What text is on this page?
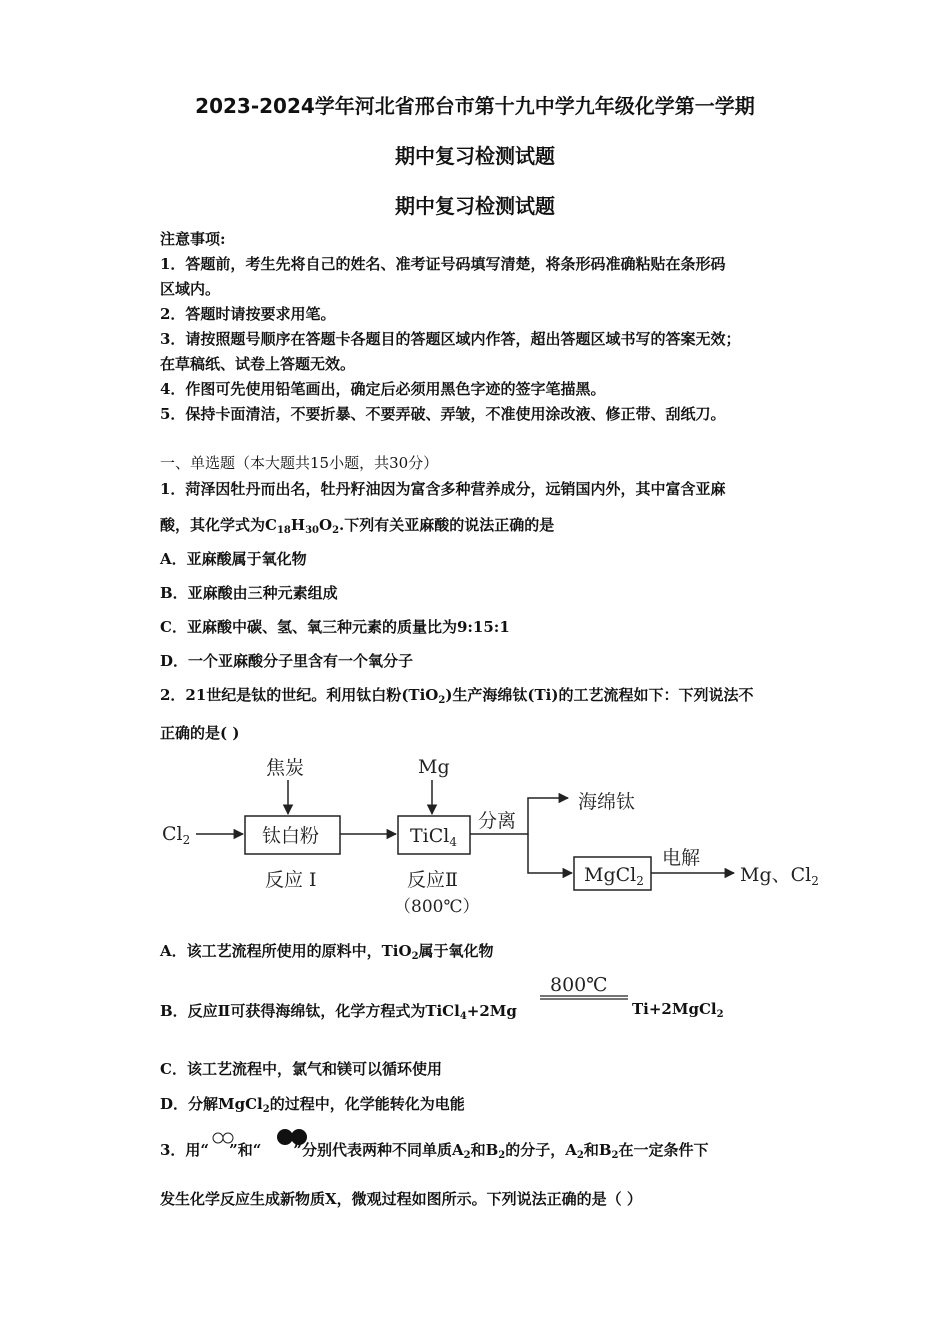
2023-2024学年河北省邢台市第十九中学九年级化学第一学期
期中复习检测试题
期中复习检测试题
注意事项:
1．答题前，考生先将自己的姓名、准考证号码填写清楚，将条形码准确粘贴在条形码
区域内。
2．答题时请按要求用笔。
3．请按照题号顺序在答题卡各题目的答题区域内作答，超出答题区域书写的答案无效；
在草稿纸、试卷上答题无效。
4．作图可先使用铅笔画出，确定后必须用黑色字迹的签字笔描黑。
5．保持卡面清洁，不要折暴、不要弄破、弄皱，不准使用涂改液、修正带、刮纸刀。
一、单选题（本大题共15小题，共30分）
1．菏泽因牡丹而出名，牡丹籽油因为富含多种营养成分，远销国内外，其中富含亚麻
酸，其化学式为$C_{18}H_{30}O_2$.下列有关亚麻酸的说法正确的是
A．亚麻酸属于氧化物
B．亚麻酸由三种元素组成
C．亚麻酸中碳、氢、氧三种元素的质量比为9:15:1
D．一个亚麻酸分子里含有一个氧分子
2．21世纪是钛的世纪。利用钛白粉(TiO$_2$)生产海绵钛(Ti)的工艺流程如下：下列说法不
正确的是( )
$Cl_2$
焦炭
钛白粉
反应 I
Mg
TiCl$_4$
反应Ⅱ
（800℃）
分离
海绵钛
MgCl$_2$
电解
Mg、$Cl_2$
800℃
A．该工艺流程所使用的原料中，TiO$_2$属于氧化物
B．反应Ⅱ可获得海绵钛，化学方程式为TiCl$_4$+2Mg	Ti+2MgCl$_2$
C．该工艺流程中，氯气和镁可以循环使用
D．分解MgCl$_2$的过程中，化学能转化为电能
3．用“ ”和“ ”分别代表两种不同单质$A_2$和$B_2$的分子，$A_2$和$B_2$在一定条件下
发生化学反应生成新物质X，微观过程如图所示。下列说法正确的是（ ）
